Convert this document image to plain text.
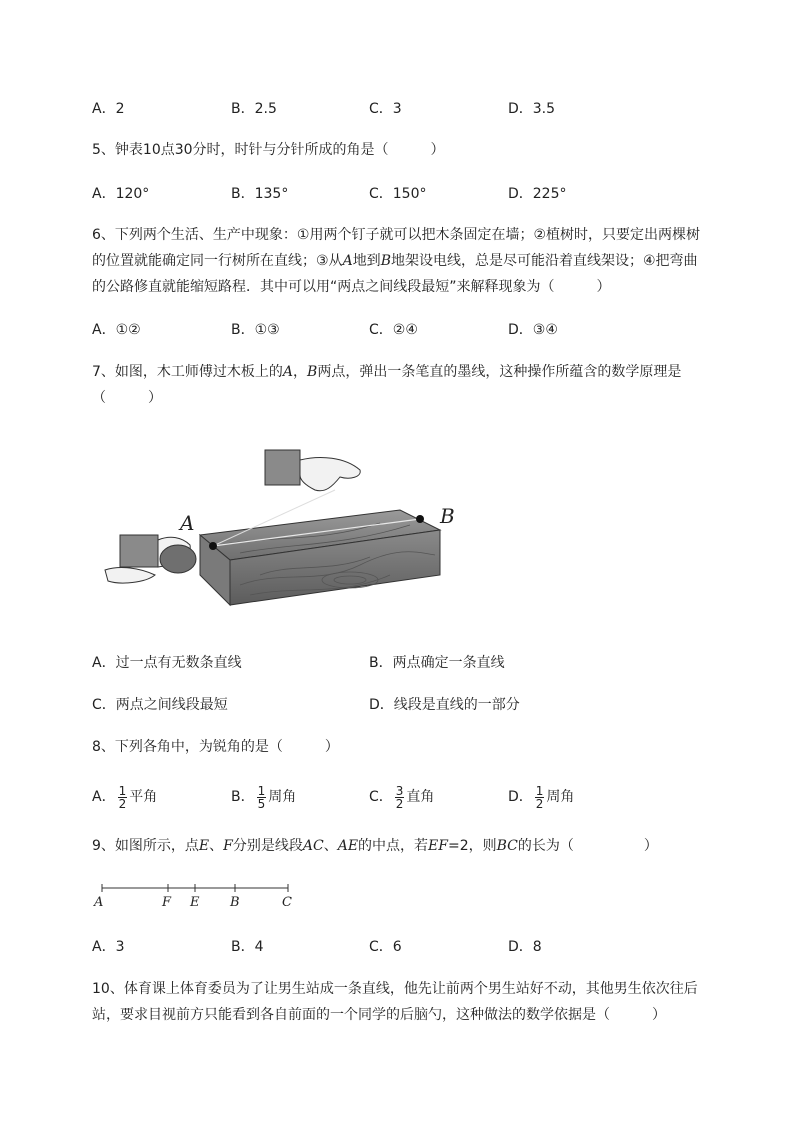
A．2	B．2.5	C．3	D．3.5
5、钟表10点30分时，时针与分针所成的角是（　　　）
A．120°	B．135°	C．150°	D．225°
6、下列两个生活、生产中现象：①用两个钉子就可以把木条固定在墙；②植树时，只要定出两棵树
的位置就能确定同一行树所在直线；③从A地到B地架设电线，总是尽可能沿着直线架设；④把弯曲
的公路修直就能缩短路程．其中可以用“两点之间线段最短”来解释现象为（　　　）
A．①②	B．①③	C．②④	D．③④
7、如图，木工师傅过木板上的A，B两点，弹出一条笔直的墨线，这种操作所蕴含的数学原理是
（　　　）
A	B
A．过一点有无数条直线	B．两点确定一条直线
C．两点之间线段最短	D．线段是直线的一部分
8、下列各角中，为锐角的是（　　　）
A． $\frac{1}{2}$ 平角	B． $\frac{1}{5}$ 周角	C． $\frac{3}{2}$ 直角	D． $\frac{1}{2}$ 周角
9、如图所示，点E、F分别是线段AC、AE的中点，若EF=2，则BC的长为（　　　　　）
A	F E B	C
A．3	B．4	C．6	D．8
10、体育课上体育委员为了让男生站成一条直线，他先让前两个男生站好不动，其他男生依次往后
站，要求目视前方只能看到各自前面的一个同学的后脑勺，这种做法的数学依据是（　　　）
